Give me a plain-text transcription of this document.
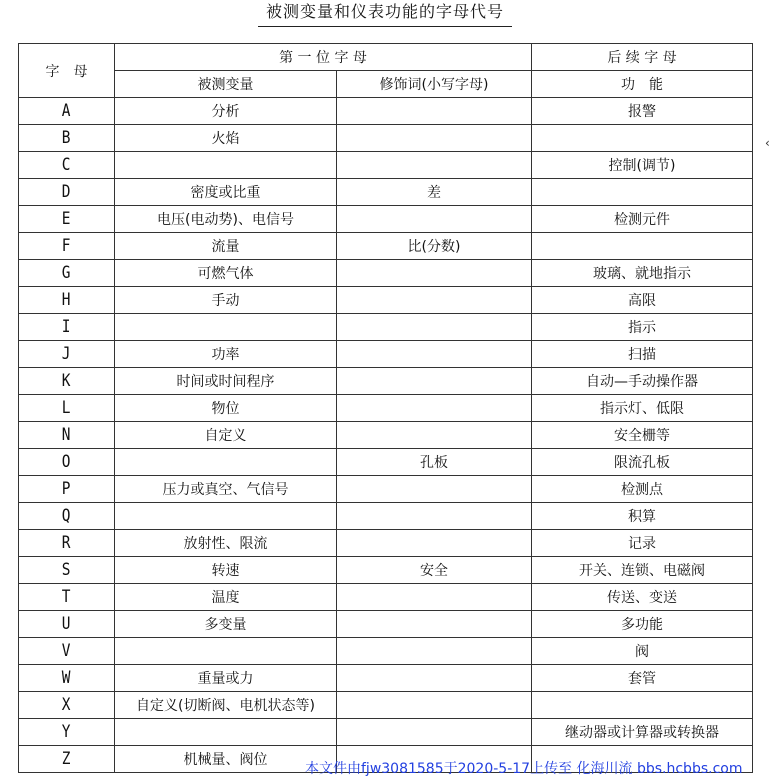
被测变量和仪表功能的字母代号
字　母	第 一 位 字 母		后 续 字 母
	被测变量	修饰词(小写字母)	功　能
A	分析		报警
B	火焰		
C			控制(调节)
D	密度或比重	差	
E	电压(电动势)、电信号		检测元件
F	流量	比(分数)	
G	可燃气体		玻璃、就地指示
H	手动		高限
I			指示
J	功率		扫描
K	时间或时间程序		自动—手动操作器
L	物位		指示灯、低限
N	自定义		安全栅等
O		孔板	限流孔板
P	压力或真空、气信号		检测点
Q			积算
R	放射性、限流		记录
S	转速	安全	开关、连锁、电磁阀
T	温度		传送、变送
U	多变量		多功能
V			阀
W	重量或力		套管
X	自定义(切断阀、电机状态等)		
Y			继动器或计算器或转换器
Z	机械量、阀位		
‹
本文件由fjw3081585于2020-5-17上传至 化海川流 bbs.hcbbs.com
